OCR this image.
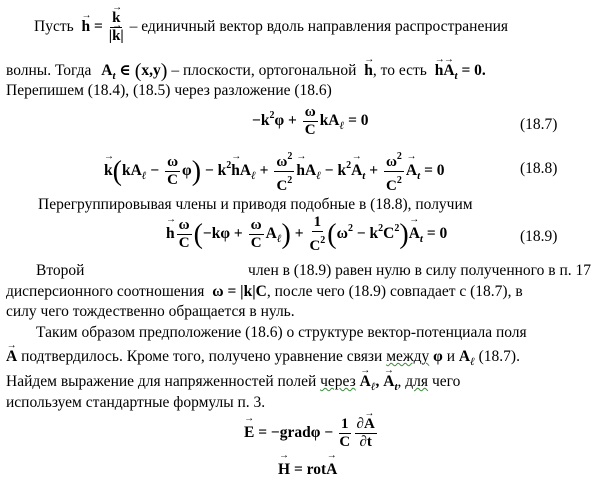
Пусть → h =
→ $\frac{k}{|\to k|}$ – единичный вектор вдоль направления распространения
волны. Тогда $A_t$ ∈ (x,y) – плоскости, ортогональной → h, то есть → $h\to A_t = 0$.
Перепишем (18.4), (18.5) через разложение (18.6)
$-k^2\varphi + \frac{\omega}{C} kA_\ell = 0$	(18.7)
→ $k(kA_\ell - \frac{\omega}{C} \varphi) - k^2\to hA_\ell + \frac{\omega^2}{C^2}$
→ $hA_\ell - k^2\to A_t + \frac{\omega^2}{C^2}$
→ $A_t = 0$	(18.8)
Перегруппировывая члены и приводя подобные в (18.8), получим
→ h $\frac{\omega}{C} (-k\varphi + \frac{\omega}{C} A_\ell) + \frac{1}{C^2} (\omega^2 - k^2C^2)\to A_t = 0$	(18.9)
Второй	член в (18.9) равен нулю в силу полученного в п. 17
дисперсионного соотношения ω = |k|C, после чего (18.9) совпадает с (18.7), в
силу чего тождественно обращается в нуль.
Таким образом предположение (18.6) о структуре вектор-потенциала поля
→ A подтвердилось. Кроме того, получено уравнение связи между φ и $A_\ell$ (18.7).
Найдем выражение для напряженностей полей через → $A_\ell$, → $A_t$, для чего
используем стандартные формулы п. 3.
→ E = −gradφ − $\frac{1}{C} \frac{\partial\to A}{\partial t}$
→ H = rot→ A
